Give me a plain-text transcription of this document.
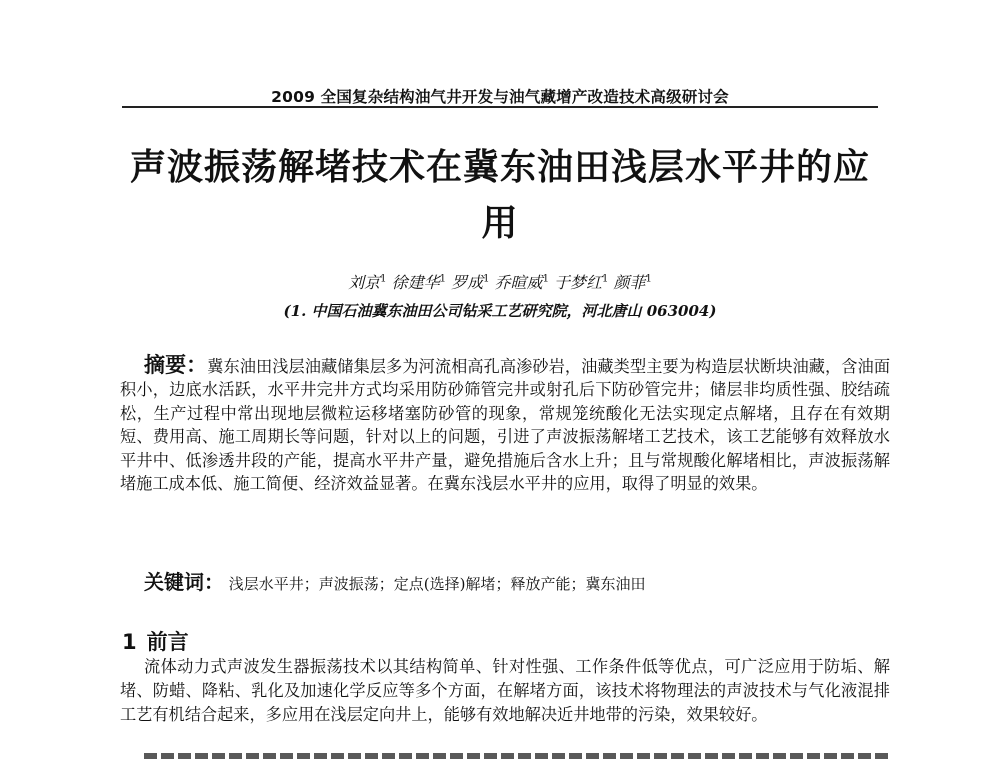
2009 全国复杂结构油气井开发与油气藏增产改造技术高级研讨会
声波振荡解堵技术在冀东油田浅层水平井的应用
刘京$^1$ 徐建华$^1$ 罗成$^1$ 乔暄威$^1$ 于梦红$^1$ 颜菲$^1$
(1. 中国石油冀东油田公司钻采工艺研究院，河北唐山 063004)
摘要：冀东油田浅层油藏储集层多为河流相高孔高渗砂岩，油藏类型主要为构造层状断块油藏，含油面积小，边底水活跃，水平井完井方式均采用防砂筛管完井或射孔后下防砂管完井；储层非均质性强、胶结疏松，生产过程中常出现地层微粒运移堵塞防砂管的现象，常规笼统酸化无法实现定点解堵，且存在有效期短、费用高、施工周期长等问题，针对以上的问题，引进了声波振荡解堵工艺技术，该工艺能够有效释放水平井中、低渗透井段的产能，提高水平井产量，避免措施后含水上升；且与常规酸化解堵相比，声波振荡解堵施工成本低、施工简便、经济效益显著。在冀东浅层水平井的应用，取得了明显的效果。
关键词： 浅层水平井；声波振荡；定点(选择)解堵；释放产能；冀东油田
1 前言
流体动力式声波发生器振荡技术以其结构简单、针对性强、工作条件低等优点，可广泛应用于防垢、解堵、防蜡、降粘、乳化及加速化学反应等多个方面，在解堵方面，该技术将物理法的声波技术与气化液混排工艺有机结合起来，多应用在浅层定向井上，能够有效地解决近井地带的污染，效果较好。
